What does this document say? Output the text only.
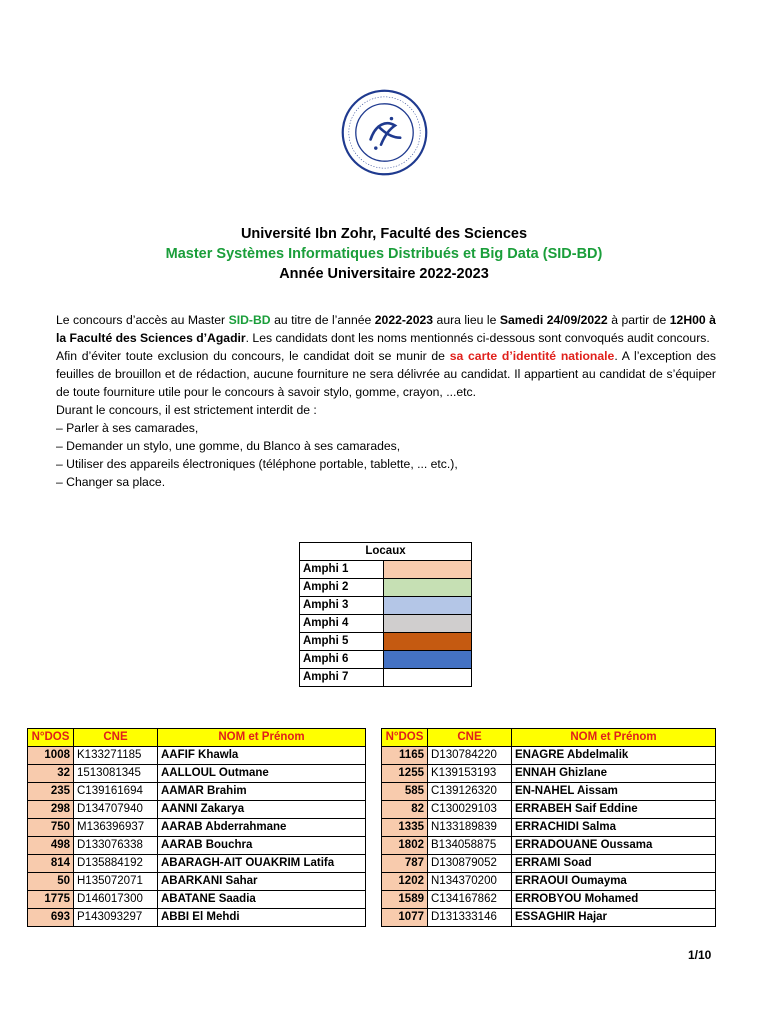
Université Ibn Zohr, Faculté des Sciences
Master Systèmes Informatiques Distribués et Big Data (SID-BD)
Année Universitaire 2022-2023

Le concours d’accès au Master SID-BD au titre de l’année 2022-2023 aura lieu le Samedi 24/09/2022 à partir de 12H00 à la Faculté des Sciences d’Agadir. Les candidats dont les noms mentionnés ci-dessous sont convoqués audit concours.

Afin d’éviter toute exclusion du concours, le candidat doit se munir de sa carte d’identité nationale. A l’exception des feuilles de brouillon et de rédaction, aucune fourniture ne sera délivrée au candidat. Il appartient au candidat de s’équiper de toute fourniture utile pour le concours à savoir stylo, gomme, crayon, ...etc.

Durant le concours, il est strictement interdit de :

– Parler à ses camarades,

– Demander un stylo, une gomme, du Blanco à ses camarades,

– Utiliser des appareils électroniques (téléphone portable, tablette, ... etc.),

– Changer sa place.

Locaux	
Amphi 1	
Amphi 2	
Amphi 3	
Amphi 4	
Amphi 5	
Amphi 6	
Amphi 7	
N°DOS	CNE	NOM et Prénom
1008	K133271185	AAFIF Khawla
32	1513081345	AALLOUL Outmane
235	C139161694	AAMAR Brahim
298	D134707940	AANNI Zakarya
750	M136396937	AARAB Abderrahmane
498	D133076338	AARAB Bouchra
814	D135884192	ABARAGH-AIT OUAKRIM Latifa
50	H135072071	ABARKANI Sahar
1775	D146017300	ABATANE Saadia
693	P143093297	ABBI El Mehdi
N°DOS	CNE	NOM et Prénom
1165	D130784220	ENAGRE Abdelmalik
1255	K139153193	ENNAH Ghizlane
585	C139126320	EN-NAHEL Aissam
82	C130029103	ERRABEH Saif Eddine
1335	N133189839	ERRACHIDI Salma
1802	B134058875	ERRADOUANE Oussama
787	D130879052	ERRAMI Soad
1202	N134370200	ERRAOUI Oumayma
1589	C134167862	ERROBYOU Mohamed
1077	D131333146	ESSAGHIR Hajar
1/10
